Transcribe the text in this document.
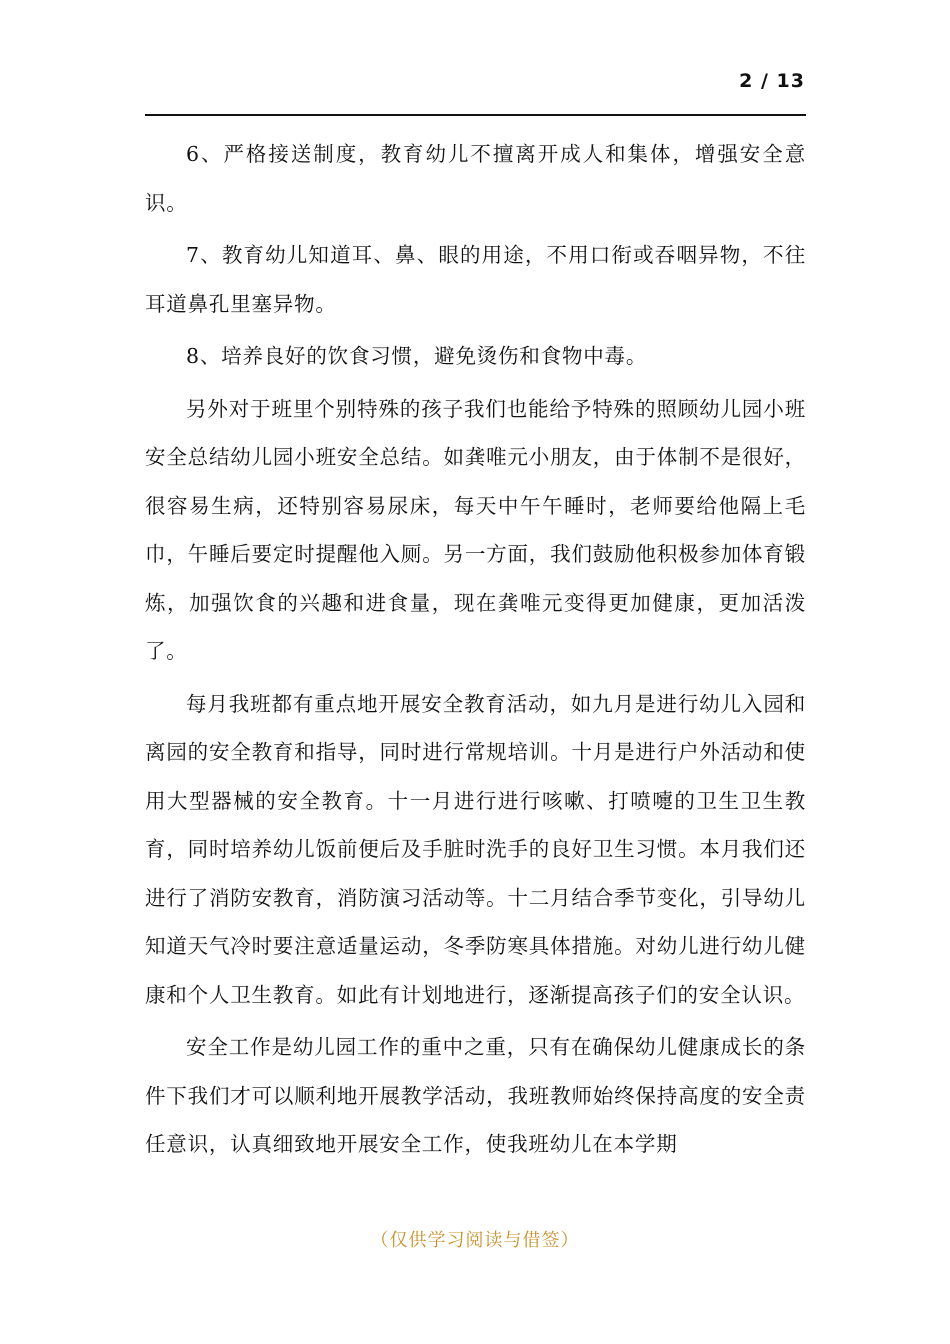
2 / 13

6、严格接送制度，教育幼儿不擅离开成人和集体，增强安全意识。

7、教育幼儿知道耳、鼻、眼的用途，不用口衔或吞咽异物，不往耳道鼻孔里塞异物。

8、培养良好的饮食习惯，避免烫伤和食物中毒。

另外对于班里个别特殊的孩子我们也能给予特殊的照顾幼儿园小班安全总结幼儿园小班安全总结。如龚唯元小朋友，由于体制不是很好，很容易生病，还特别容易尿床，每天中午午睡时，老师要给他隔上毛巾，午睡后要定时提醒他入厕。另一方面，我们鼓励他积极参加体育锻炼，加强饮食的兴趣和进食量，现在龚唯元变得更加健康，更加活泼了。

每月我班都有重点地开展安全教育活动，如九月是进行幼儿入园和离园的安全教育和指导，同时进行常规培训。十月是进行户外活动和使用大型器械的安全教育。十一月进行进行咳嗽、打喷嚏的卫生卫生教育，同时培养幼儿饭前便后及手脏时洗手的良好卫生习惯。本月我们还进行了消防安教育，消防演习活动等。十二月结合季节变化，引导幼儿知道天气冷时要注意适量运动，冬季防寒具体措施。对幼儿进行幼儿健康和个人卫生教育。如此有计划地进行，逐渐提高孩子们的安全认识。

安全工作是幼儿园工作的重中之重，只有在确保幼儿健康成长的条件下我们才可以顺利地开展教学活动，我班教师始终保持高度的安全责任意识，认真细致地开展安全工作，使我班幼儿在本学期

（仅供学习阅读与借签）
